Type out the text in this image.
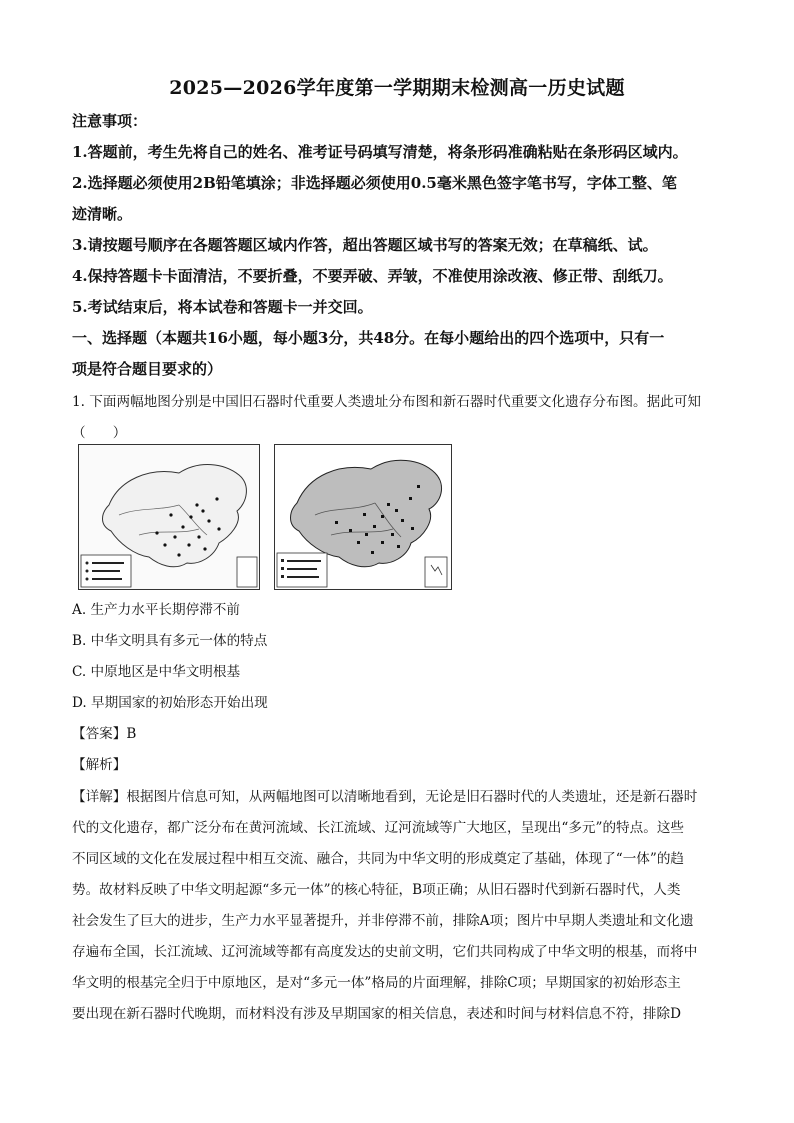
2025—2026学年度第一学期期末检测高一历史试题
注意事项：
1.答题前，考生先将自己的姓名、准考证号码填写清楚，将条形码准确粘贴在条形码区域内。
2.选择题必须使用2B铅笔填涂；非选择题必须使用0.5毫米黑色签字笔书写，字体工整、笔
迹清晰。
3.请按题号顺序在各题答题区域内作答，超出答题区域书写的答案无效；在草稿纸、试。
4.保持答题卡卡面清洁，不要折叠，不要弄破、弄皱，不准使用涂改液、修正带、刮纸刀。
5.考试结束后，将本试卷和答题卡一并交回。
一、选择题（本题共16小题，每小题3分，共48分。在每小题给出的四个选项中，只有一
项是符合题目要求的）
1. 下面两幅地图分别是中国旧石器时代重要人类遗址分布图和新石器时代重要文化遗存分布图。据此可知
（　　）
A. 生产力水平长期停滞不前
B. 中华文明具有多元一体的特点
C. 中原地区是中华文明根基
D. 早期国家的初始形态开始出现
【答案】B
【解析】
【详解】根据图片信息可知，从两幅地图可以清晰地看到，无论是旧石器时代的人类遗址，还是新石器时
代的文化遗存，都广泛分布在黄河流域、长江流域、辽河流域等广大地区，呈现出“多元”的特点。这些
不同区域的文化在发展过程中相互交流、融合，共同为中华文明的形成奠定了基础，体现了“一体”的趋
势。故材料反映了中华文明起源“多元一体”的核心特征，B项正确；从旧石器时代到新石器时代，人类
社会发生了巨大的进步，生产力水平显著提升，并非停滞不前，排除A项；图片中早期人类遗址和文化遗
存遍布全国，长江流域、辽河流域等都有高度发达的史前文明，它们共同构成了中华文明的根基，而将中
华文明的根基完全归于中原地区，是对“多元一体”格局的片面理解，排除C项；早期国家的初始形态主
要出现在新石器时代晚期，而材料没有涉及早期国家的相关信息，表述和时间与材料信息不符，排除D
